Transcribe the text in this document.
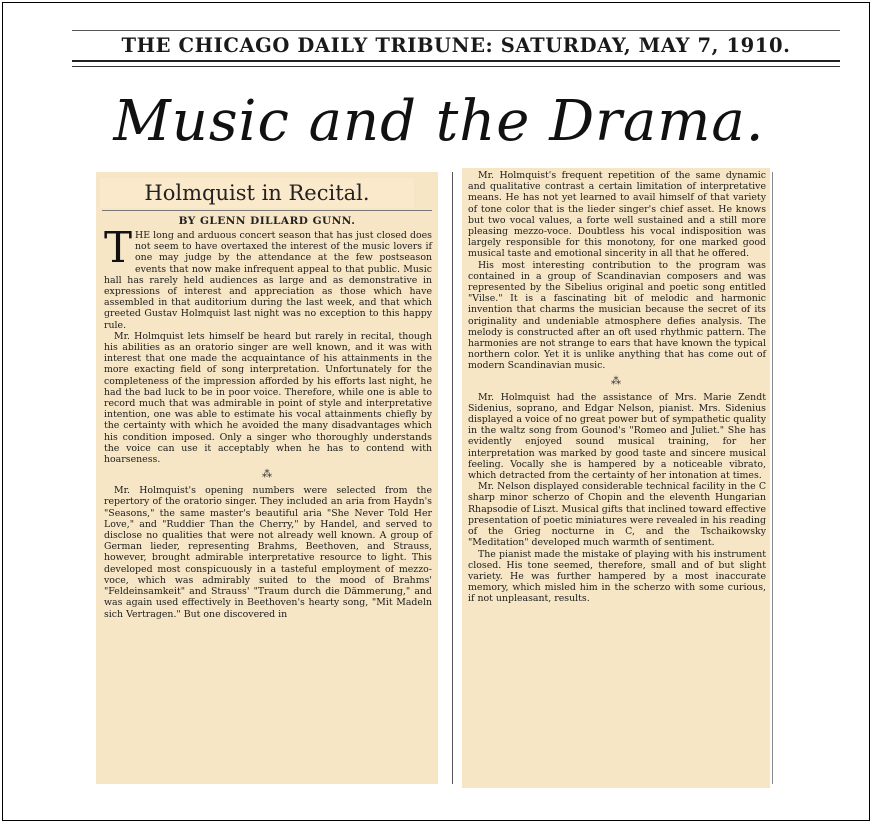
THE CHICAGO DAILY TRIBUNE: SATURDAY, MAY 7, 1910.
Music and the Drama.
Holmquist in Recital.
BY GLENN DILLARD GUNN.

THE long and arduous concert season that has just closed does not seem to have overtaxed the interest of the music lovers if one may judge by the attendance at the few postseason events that now make infrequent appeal to that public. Music hall has rarely held audiences as large and as demonstrative in expressions of interest and appreciation as those which have assembled in that auditorium during the last week, and that which greeted Gustav Holmquist last night was no exception to this happy rule.

Mr. Holmquist lets himself be heard but rarely in recital, though his abilities as an oratorio singer are well known, and it was with interest that one made the acquaintance of his attainments in the more exacting field of song interpretation. Unfortunately for the completeness of the impression afforded by his efforts last night, he had the bad luck to be in poor voice. Therefore, while one is able to record much that was admirable in point of style and interpretative intention, one was able to estimate his vocal attainments chiefly by the certainty with which he avoided the many disadvantages which his condition imposed. Only a singer who thoroughly understands the voice can use it acceptably when he has to contend with hoarseness.

⁂

Mr. Holmquist's opening numbers were selected from the repertory of the oratorio singer. They included an aria from Haydn's "Seasons," the same master's beautiful aria "She Never Told Her Love," and "Ruddier Than the Cherry," by Handel, and served to disclose no qualities that were not already well known. A group of German lieder, representing Brahms, Beethoven, and Strauss, however, brought admirable interpretative resource to light. This developed most conspicuously in a tasteful employment of mezzo-voce, which was admirably suited to the mood of Brahms' "Feldeinsamkeit" and Strauss' "Traum durch die Dämmerung," and was again used effectively in Beethoven's hearty song, "Mit Madeln sich Vertragen." But one discovered in

Mr. Holmquist's frequent repetition of the same dynamic and qualitative contrast a certain limitation of interpretative means. He has not yet learned to avail himself of that variety of tone color that is the lieder singer's chief asset. He knows but two vocal values, a forte well sustained and a still more pleasing mezzo-voce. Doubtless his vocal indisposition was largely responsible for this monotony, for one marked good musical taste and emotional sincerity in all that he offered.

His most interesting contribution to the program was contained in a group of Scandinavian composers and was represented by the Sibelius original and poetic song entitled "Vilse." It is a fascinating bit of melodic and harmonic invention that charms the musician because the secret of its originality and undeniable atmosphere defies analysis. The melody is constructed after an oft used rhythmic pattern. The harmonies are not strange to ears that have known the typical northern color. Yet it is unlike anything that has come out of modern Scandinavian music.

⁂

Mr. Holmquist had the assistance of Mrs. Marie Zendt Sidenius, soprano, and Edgar Nelson, pianist. Mrs. Sidenius displayed a voice of no great power but of sympathetic quality in the waltz song from Gounod's "Romeo and Juliet." She has evidently enjoyed sound musical training, for her interpretation was marked by good taste and sincere musical feeling. Vocally she is hampered by a noticeable vibrato, which detracted from the certainty of her intonation at times.

Mr. Nelson displayed considerable technical facility in the C sharp minor scherzo of Chopin and the eleventh Hungarian Rhapsodie of Liszt. Musical gifts that inclined toward effective presentation of poetic miniatures were revealed in his reading of the Grieg nocturne in C, and the Tschaikowsky "Meditation" developed much warmth of sentiment.

The pianist made the mistake of playing with his instrument closed. His tone seemed, therefore, small and of but slight variety. He was further hampered by a most inaccurate memory, which misled him in the scherzo with some curious, if not unpleasant, results.
